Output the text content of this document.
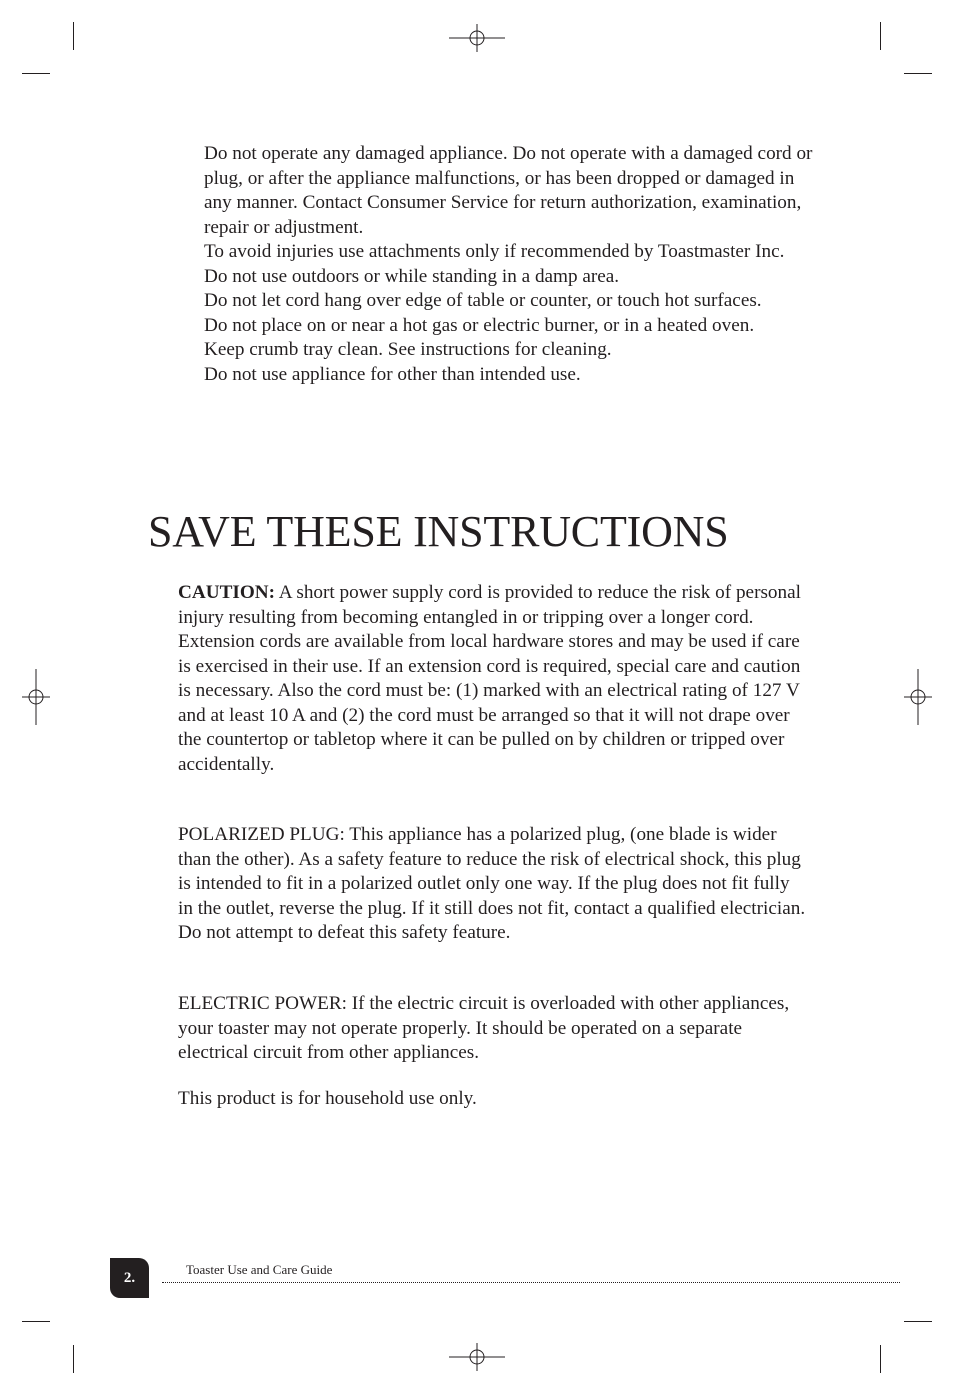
Do not operate any damaged appliance. Do not operate with a damaged cord or plug, or after the appliance malfunctions, or has been dropped or damaged in any manner. Contact Consumer Service for return authorization, examination, repair or adjustment.
To avoid injuries use attachments only if recommended by Toastmaster Inc.
Do not use outdoors or while standing in a damp area.
Do not let cord hang over edge of table or counter, or touch hot surfaces.
Do not place on or near a hot gas or electric burner, or in a heated oven.
Keep crumb tray clean. See instructions for cleaning.
Do not use appliance for other than intended use.
SAVE THESE INSTRUCTIONS

CAUTION: A short power supply cord is provided to reduce the risk of personal injury resulting from becoming entangled in or tripping over a longer cord. Extension cords are available from local hardware stores and may be used if care is exercised in their use. If an extension cord is required, special care and caution is necessary. Also the cord must be: (1) marked with an electrical rating of 127 V and at least 10 A and (2) the cord must be arranged so that it will not drape over the countertop or tabletop where it can be pulled on by children or tripped over accidentally.

POLARIZED PLUG: This appliance has a polarized plug, (one blade is wider than the other). As a safety feature to reduce the risk of electrical shock, this plug is intended to fit in a polarized outlet only one way. If the plug does not fit fully in the outlet, reverse the plug. If it still does not fit, contact a qualified electrician. Do not attempt to defeat this safety feature.

ELECTRIC POWER: If the electric circuit is overloaded with other appliances, your toaster may not operate properly. It should be operated on a separate electrical circuit from other appliances.

This product is for household use only.

2.	Toaster Use and Care Guide
